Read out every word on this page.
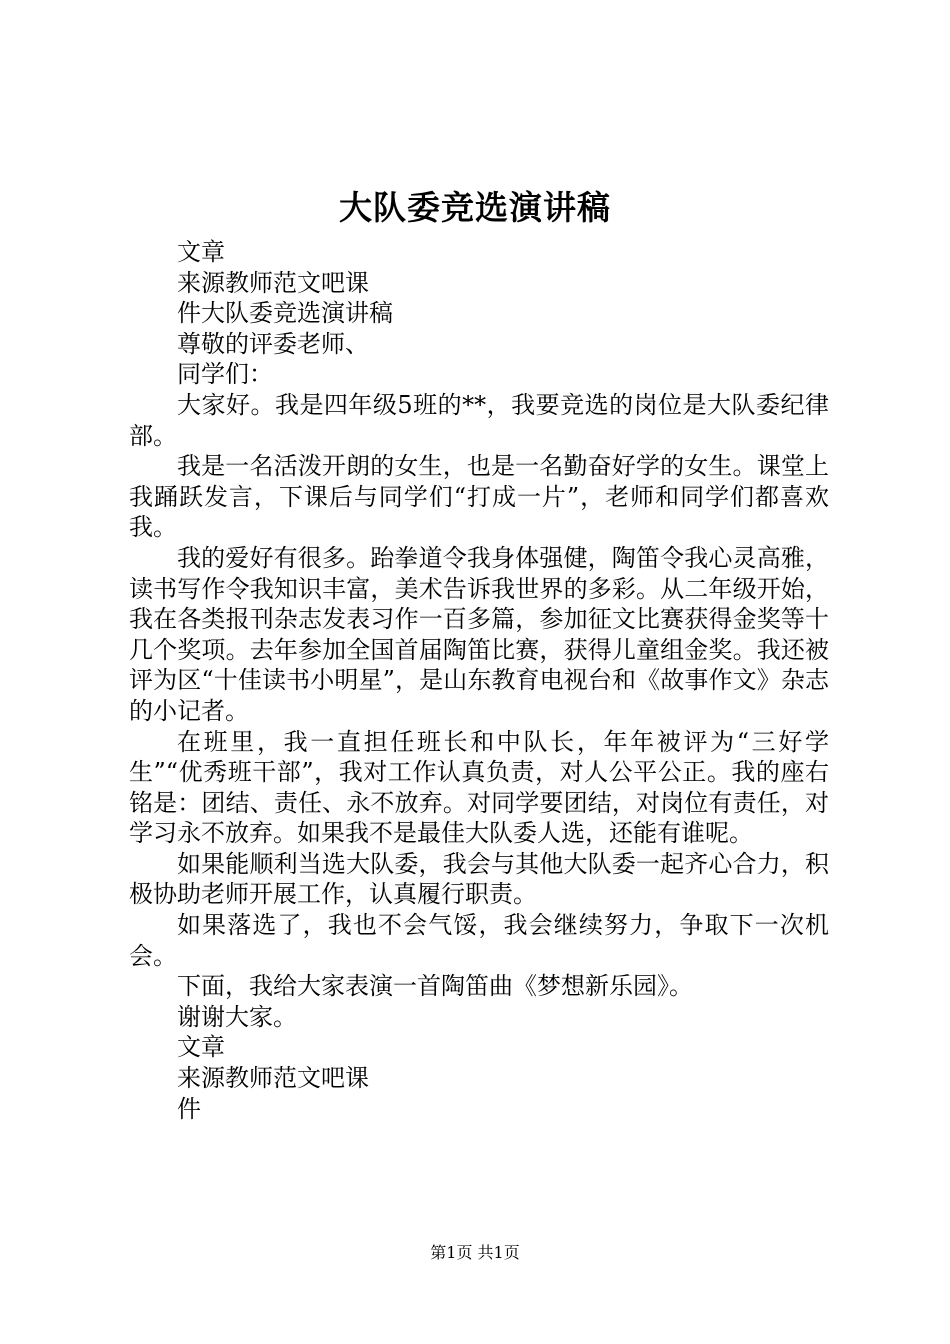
大队委竞选演讲稿

文章

来源教师范文吧课

件大队委竞选演讲稿

尊敬的评委老师、

同学们：

大家好。我是四年级5班的**，我要竞选的岗位是大队委纪律部。

我是一名活泼开朗的女生，也是一名勤奋好学的女生。课堂上我踊跃发言，下课后与同学们“打成一片”，老师和同学们都喜欢我。

我的爱好有很多。跆拳道令我身体强健，陶笛令我心灵高雅，读书写作令我知识丰富，美术告诉我世界的多彩。从二年级开始，我在各类报刊杂志发表习作一百多篇，参加征文比赛获得金奖等十几个奖项。去年参加全国首届陶笛比赛，获得儿童组金奖。我还被评为区“十佳读书小明星”，是山东教育电视台和《故事作文》杂志的小记者。

在班里，我一直担任班长和中队长，年年被评为“三好学生”“优秀班干部”，我对工作认真负责，对人公平公正。我的座右铭是：团结、责任、永不放弃。对同学要团结，对岗位有责任，对学习永不放弃。如果我不是最佳大队委人选，还能有谁呢。

如果能顺利当选大队委，我会与其他大队委一起齐心合力，积极协助老师开展工作，认真履行职责。

如果落选了，我也不会气馁，我会继续努力，争取下一次机会。

下面，我给大家表演一首陶笛曲《梦想新乐园》。

谢谢大家。

文章

来源教师范文吧课

件

第1页 共1页
